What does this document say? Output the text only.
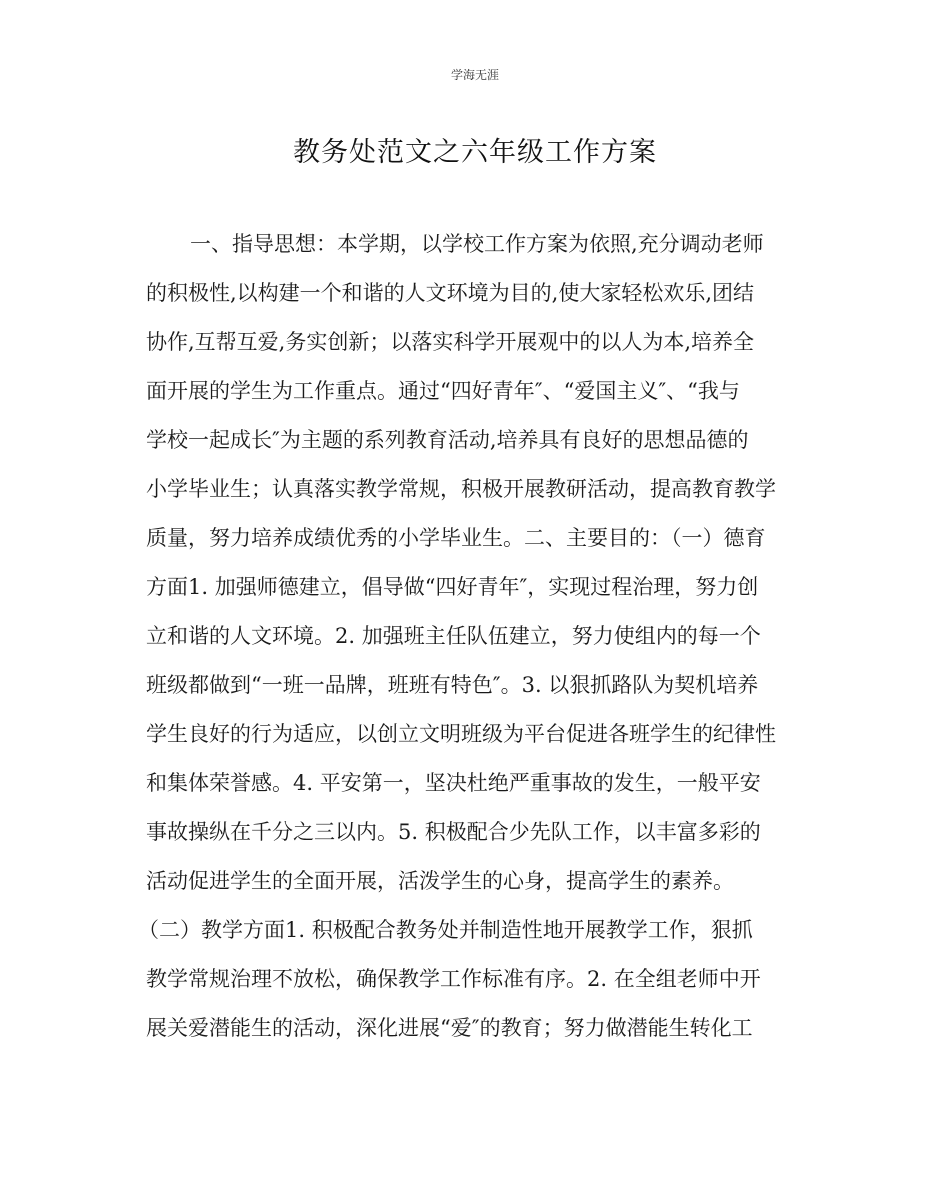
学海无涯
教务处范文之六年级工作方案
一、指导思想：本学期，以学校工作方案为依照,充分调动老师
的积极性,以构建一个和谐的人文环境为目的,使大家轻松欢乐,团结
协作,互帮互爱,务实创新；以落实科学开展观中的以人为本,培养全
面开展的学生为工作重点。通过“四好青年″、“爱国主义″、“我与
学校一起成长″为主题的系列教育活动,培养具有良好的思想品德的
小学毕业生；认真落实教学常规，积极开展教研活动，提高教育教学
质量，努力培养成绩优秀的小学毕业生。二、主要目的：（一）德育
方面1. 加强师德建立，倡导做“四好青年″，实现过程治理，努力创
立和谐的人文环境。2. 加强班主任队伍建立，努力使组内的每一个
班级都做到“一班一品牌，班班有特色″。3. 以狠抓路队为契机培养
学生良好的行为适应，以创立文明班级为平台促进各班学生的纪律性
和集体荣誉感。4. 平安第一，坚决杜绝严重事故的发生，一般平安
事故操纵在千分之三以内。5. 积极配合少先队工作，以丰富多彩的
活动促进学生的全面开展，活泼学生的心身，提高学生的素养。
（二）教学方面1. 积极配合教务处并制造性地开展教学工作，狠抓
教学常规治理不放松，确保教学工作标准有序。2. 在全组老师中开
展关爱潜能生的活动，深化进展“爱″的教育；努力做潜能生转化工
